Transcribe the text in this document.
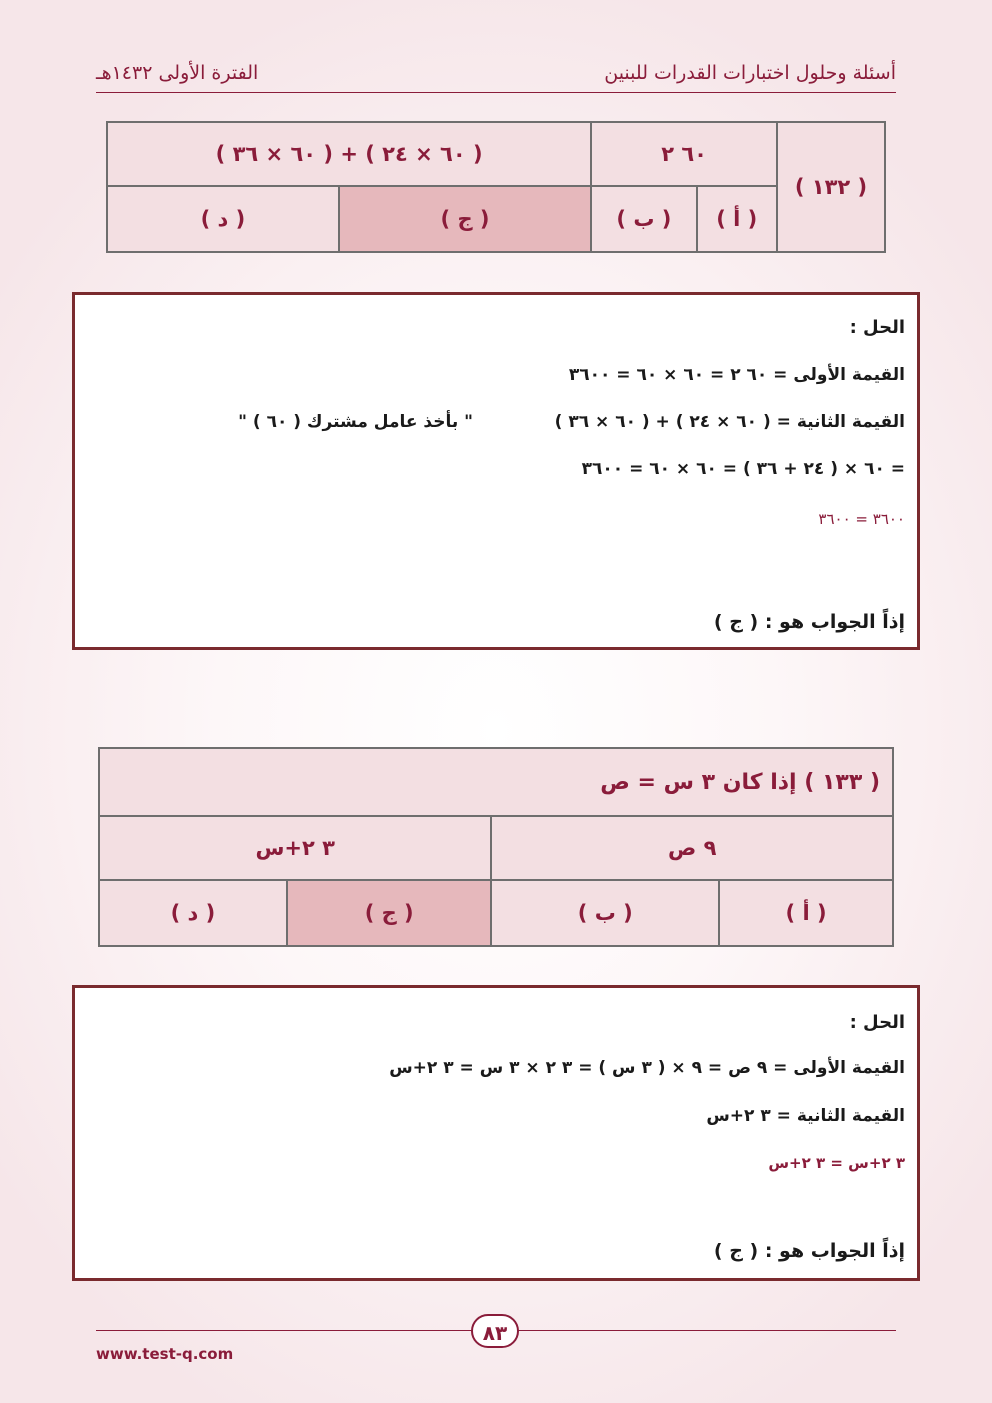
أسئلة وحلول اختبارات القدرات للبنين
الفترة الأولى ١٤٣٢هـ
( ١٣٢ )	٦٠ ٢		( ٦٠ × ٢٤ ) + ( ٦٠ × ٣٦ )	
	( أ )	( ب )	( ج )	( د )
الحل :
القيمة الأولى = ٦٠ ٢ = ٦٠ × ٦٠ = ٣٦٠٠
القيمة الثانية = ( ٦٠ × ٢٤ ) + ( ٦٠ × ٣٦ )
" بأخذ عامل مشترك ( ٦٠ ) "
= ٦٠ × ( ٢٤ + ٣٦ ) = ٦٠ × ٦٠ = ٣٦٠٠
٣٦٠٠ = ٣٦٠٠
إذاً الجواب هو : ( ج )
( ١٣٣ ) إذا كان ٣ س = ص			
٩ ص		٣ ٢+س	
( أ )	( ب )	( ج )	( د )
الحل :
القيمة الأولى = ٩ ص = ٩ × ( ٣ س ) = ٣ ٢ × ٣ س = ٣ ٢+س
القيمة الثانية = ٣ ٢+س
٣ ٢+س = ٣ ٢+س
إذاً الجواب هو : ( ج )
٨٣
www.test-q.com
